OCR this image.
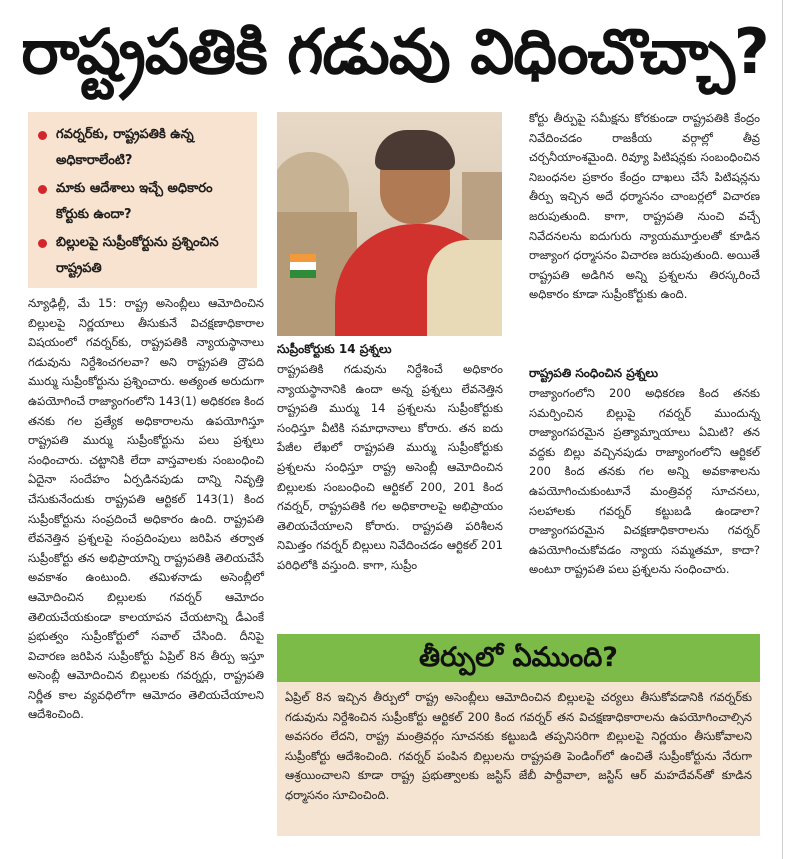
రాష్ట్రపతికి గడువు విధించొచ్చా?
గవర్నర్‌కు, రాష్ట్రపతికి ఉన్న అధికారాలేంటి?
మాకు ఆదేశాలు ఇచ్చే అధికారం కోర్టుకు ఉందా?
బిల్లులపై సుప్రీంకోర్టును ప్రశ్నించిన రాష్ట్రపతి
సుప్రీంకోర్టుకు 14 ప్రశ్నలు

న్యూఢిల్లీ, మే 15: రాష్ట్ర అసెంబ్లీలు ఆమోదించిన బిల్లులపై నిర్ణయాలు తీసుకునే విచక్షణాధికారాల విషయంలో గవర్నర్‌కు, రాష్ట్రపతికి న్యాయస్థానాలు గడువును నిర్దేశించగలవా? అని రాష్ట్రపతి ద్రౌపది ముర్ము సుప్రీంకోర్టును ప్రశ్నించారు. అత్యంత అరుదుగా ఉపయోగించే రాజ్యాంగంలోని 143(1) అధికరణ కింద తనకు గల ప్రత్యేక అధికారాలను ఉపయోగిస్తూ రాష్ట్రపతి ముర్ము సుప్రీంకోర్టును పలు ప్రశ్నలు సంధించారు. చట్టానికి లేదా వాస్తవాలకు సంబంధించి ఏదైనా సందేహం ఏర్పడినపుడు దాన్ని నివృత్తి చేసుకునేందుకు రాష్ట్రపతి ఆర్టికల్ 143(1) కింద సుప్రీంకోర్టును సంప్రదించే అధికారం ఉంది. రాష్ట్రపతి లేవనెత్తిన ప్రశ్నలపై సంప్రదింపులు జరిపిన తర్వాత సుప్రీంకోర్టు తన అభిప్రాయాన్ని రాష్ట్రపతికి తెలియచేసే అవకాశం ఉంటుంది. తమిళనాడు అసెంబ్లీలో ఆమోదించిన బిల్లులకు గవర్నర్ ఆమోదం తెలియచేయకుండా కాలయాపన చేయటాన్ని డీఎంకే ప్రభుత్వం సుప్రీంకోర్టులో సవాల్ చేసింది. దీనిపై విచారణ జరిపిన సుప్రీంకోర్టు ఏప్రిల్ 8న తీర్పు ఇస్తూ అసెంబ్లీ ఆమోదించిన బిల్లులకు గవర్నర్లు, రాష్ట్రపతి నిర్ణీత కాల వ్యవధిలోగా ఆమోదం తెలియచేయాలని ఆదేశించింది.

రాష్ట్రపతికి గడువును నిర్దేశించే అధికారం న్యాయస్థానానికి ఉందా అన్న ప్రశ్నలు లేవనెత్తిన రాష్ట్రపతి ముర్ము 14 ప్రశ్నలను సుప్రీంకోర్టుకు సంధిస్తూ వీటికి సమాధానాలు కోరారు. తన ఐదు పేజీల లేఖలో రాష్ట్రపతి ముర్ము సుప్రీంకోర్టుకు ప్రశ్నలను సంధిస్తూ రాష్ట్ర అసెంబ్లీ ఆమోదించిన బిల్లులకు సంబంధించి ఆర్టికల్ 200, 201 కింద గవర్నర్, రాష్ట్రపతికి గల అధికారాలపై అభిప్రాయం తెలియచేయాలని కోరారు. రాష్ట్రపతి పరిశీలన నిమిత్తం గవర్నర్ బిల్లులు నివేదించడం ఆర్టికల్ 201 పరిధిలోకి వస్తుంది. కాగా, సుప్రీం

కోర్టు తీర్పుపై సమీక్షను కోరకుండా రాష్ట్రపతికి కేంద్రం నివేదించడం రాజకీయ వర్గాల్లో తీవ్ర చర్చనీయాంశమైంది. రివ్యూ పిటిషన్లకు సంబంధించిన నిబంధనల ప్రకారం కేంద్రం దాఖలు చేసే పిటిషన్లను తీర్పు ఇచ్చిన అదే ధర్మాసనం చాంబర్లలో విచారణ జరుపుతుంది. కాగా, రాష్ట్రపతి నుంచి వచ్చే నివేదనలను ఐదుగురు న్యాయమూర్తులతో కూడిన రాజ్యాంగ ధర్మాసనం విచారణ జరుపుతుంది. అయితే రాష్ట్రపతి అడిగిన అన్ని ప్రశ్నలను తిరస్కరించే అధికారం కూడా సుప్రీంకోర్టుకు ఉంది.

రాష్ట్రపతి సంధించిన ప్రశ్నలు

రాజ్యాంగంలోని 200 అధికరణ కింద తనకు సమర్పించిన బిల్లుపై గవర్నర్ ముందున్న రాజ్యాంగపరమైన ప్రత్యామ్నాయాలు ఏమిటి? తన వద్దకు బిల్లు వచ్చినపుడు రాజ్యాంగంలోని ఆర్టికల్ 200 కింద తనకు గల అన్ని అవకాశాలను ఉపయోగించుకుంటూనే మంత్రివర్గ సూచనలు, సలహాలకు గవర్నర్ కట్టుబడి ఉండాలా? రాజ్యాంగపరమైన విచక్షణాధికారాలను గవర్నర్ ఉపయోగించుకోవడం న్యాయ సమ్మతమా, కాదా? అంటూ రాష్ట్రపతి పలు ప్రశ్నలను సంధించారు.

తీర్పులో ఏముంది?

ఏప్రిల్ 8న ఇచ్చిన తీర్పులో రాష్ట్ర అసెంబ్లీలు ఆమోదించిన బిల్లులపై చర్యలు తీసుకోవడానికి గవర్నర్‌కు గడువును నిర్దేశించిన సుప్రీంకోర్టు ఆర్టికల్ 200 కింద గవర్నర్ తన విచక్షణాధికారాలను ఉపయోగించాల్సిన అవసరం లేదని, రాష్ట్ర మంత్రివర్గం సూచనకు కట్టుబడి తప్పనిసరిగా బిల్లులపై నిర్ణయం తీసుకోవాలని సుప్రీంకోర్టు ఆదేశించింది. గవర్నర్ పంపిన బిల్లులను రాష్ట్రపతి పెండింగ్‌లో ఉంచితే సుప్రీంకోర్టును నేరుగా ఆశ్రయించాలని కూడా రాష్ట్ర ప్రభుత్వాలకు జస్టిస్ జేబీ పార్దీవాలా, జస్టిస్ ఆర్ మహదేవన్‌తో కూడిన ధర్మాసనం సూచించింది.
